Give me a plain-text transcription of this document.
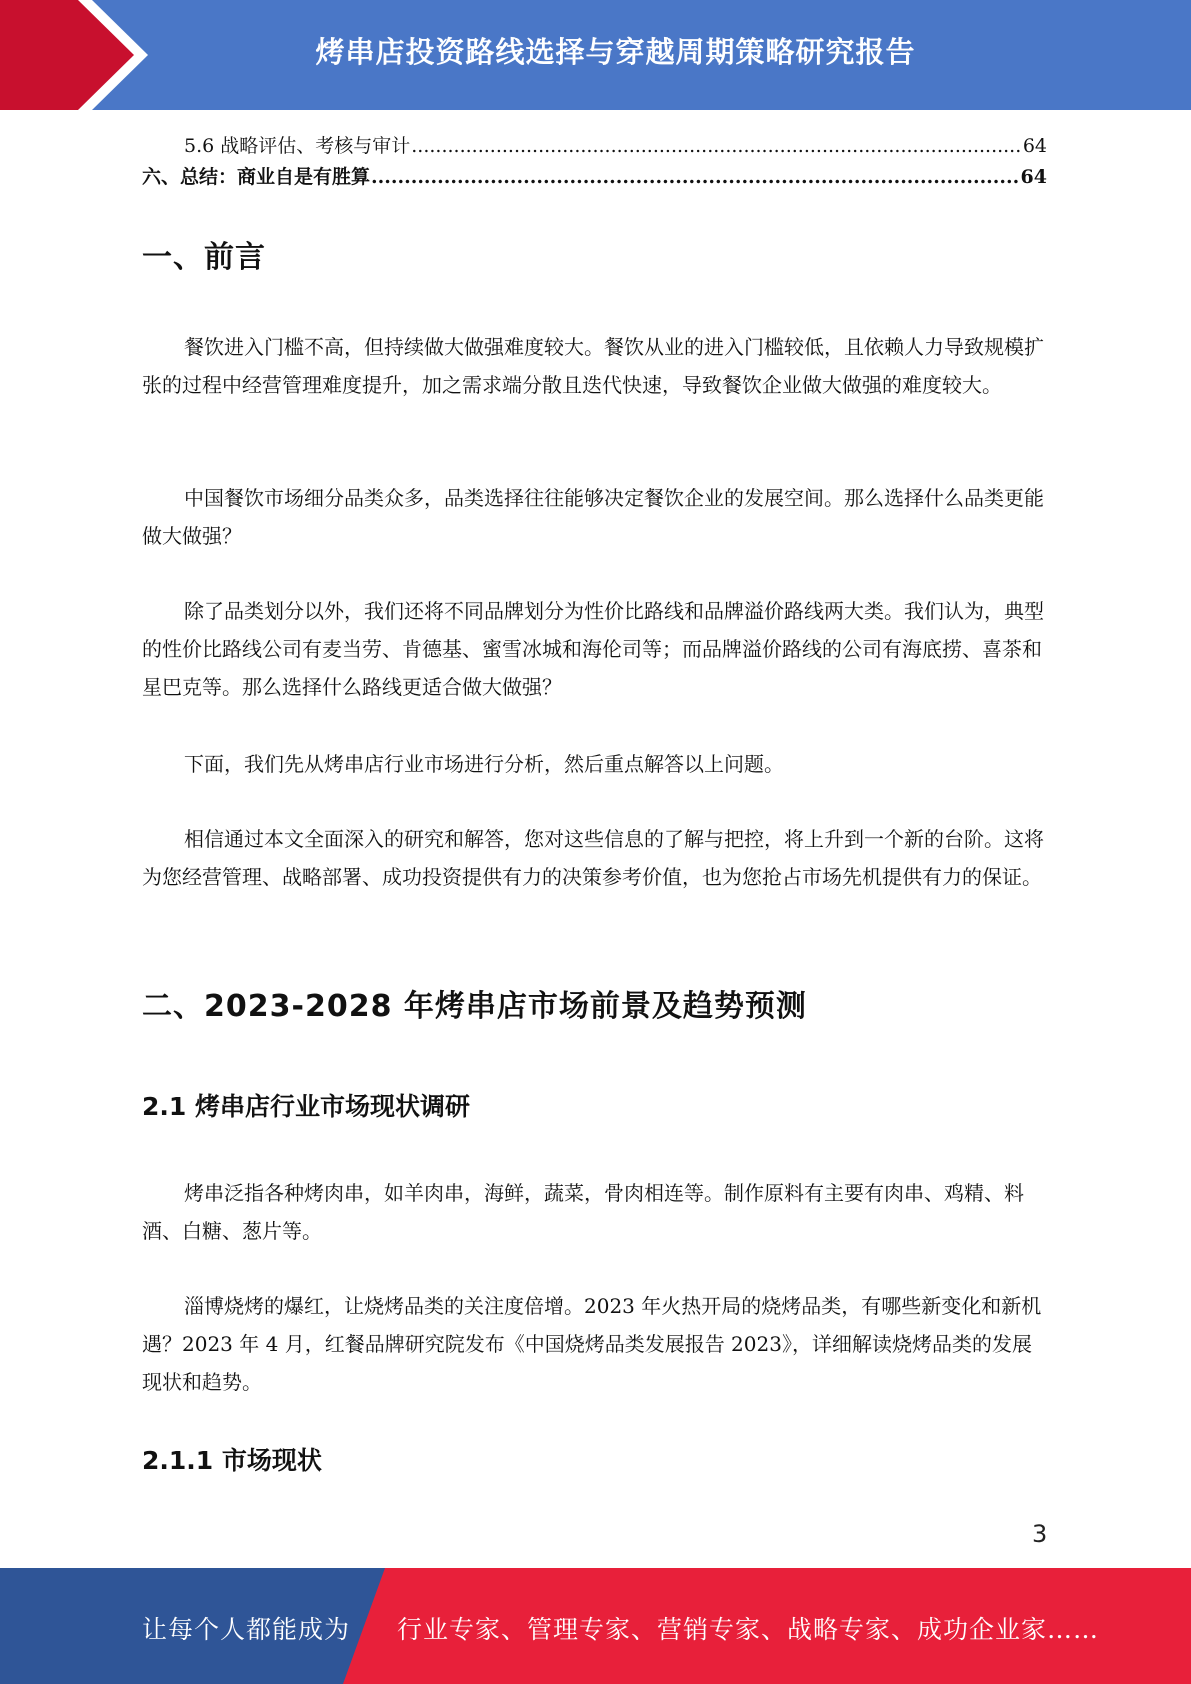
烤串店投资路线选择与穿越周期策略研究报告
5.6 战略评估、考核与审计 .....	64
六、总结：商业自是有胜算 .....	64
一、前言

餐饮进入门槛不高，但持续做大做强难度较大。餐饮从业的进入门槛较低，且依赖人力导致规模扩张的过程中经营管理难度提升，加之需求端分散且迭代快速，导致餐饮企业做大做强的难度较大。

中国餐饮市场细分品类众多，品类选择往往能够决定餐饮企业的发展空间。那么选择什么品类更能做大做强？

除了品类划分以外，我们还将不同品牌划分为性价比路线和品牌溢价路线两大类。我们认为，典型的性价比路线公司有麦当劳、肯德基、蜜雪冰城和海伦司等；而品牌溢价路线的公司有海底捞、喜茶和星巴克等。那么选择什么路线更适合做大做强？

下面，我们先从烤串店行业市场进行分析，然后重点解答以上问题。

相信通过本文全面深入的研究和解答，您对这些信息的了解与把控，将上升到一个新的台阶。这将为您经营管理、战略部署、成功投资提供有力的决策参考价值，也为您抢占市场先机提供有力的保证。

二、2023-2028 年烤串店市场前景及趋势预测
2.1 烤串店行业市场现状调研

烤串泛指各种烤肉串，如羊肉串，海鲜，蔬菜，骨肉相连等。制作原料有主要有肉串、鸡精、料酒、白糖、葱片等。

淄博烧烤的爆红，让烧烤品类的关注度倍增。2023 年火热开局的烧烤品类，有哪些新变化和新机遇？2023 年 4 月，红餐品牌研究院发布《中国烧烤品类发展报告 2023》，详细解读烧烤品类的发展现状和趋势。

2.1.1 市场现状
3
让每个人都能成为 行业专家、管理专家、营销专家、战略专家、成功企业家……
